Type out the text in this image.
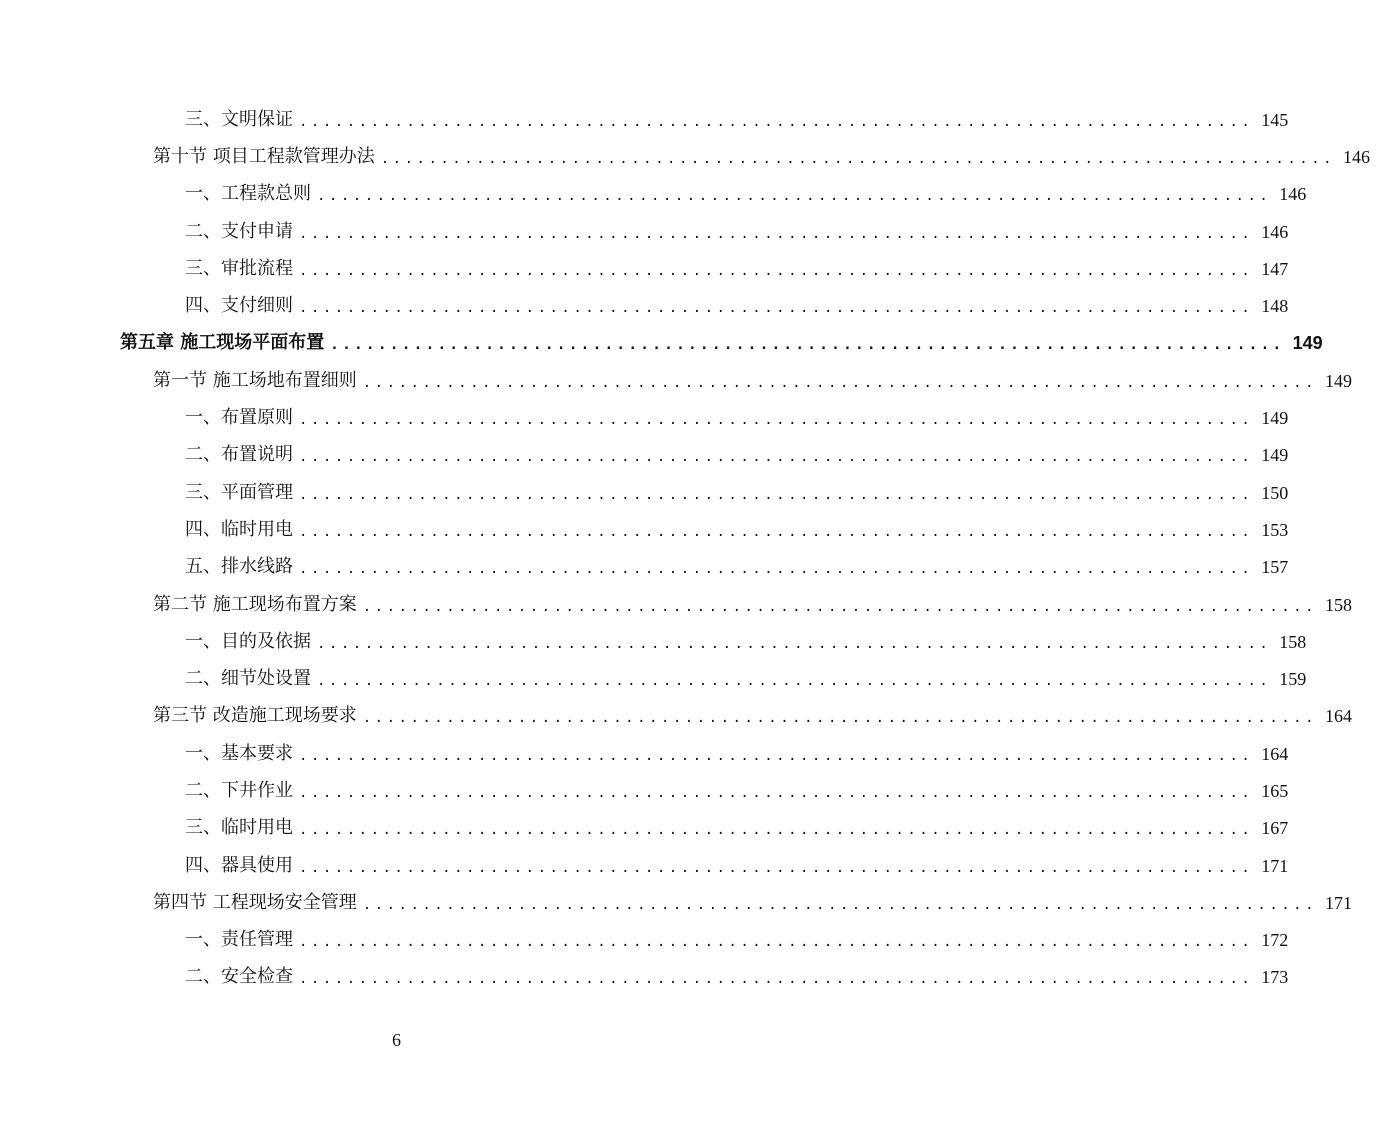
三、文明保证 ................................................................................ 145
第十节 项目工程款管理办法 ................................................................................ 146
一、工程款总则 ................................................................................ 146
二、支付申请 ................................................................................ 146
三、审批流程 ................................................................................ 147
四、支付细则 ................................................................................ 148
第五章 施工现场平面布置 ................................................................................ 149
第一节 施工场地布置细则 ................................................................................ 149
一、布置原则 ................................................................................ 149
二、布置说明 ................................................................................ 149
三、平面管理 ................................................................................ 150
四、临时用电 ................................................................................ 153
五、排水线路 ................................................................................ 157
第二节 施工现场布置方案 ................................................................................ 158
一、目的及依据 ................................................................................ 158
二、细节处设置 ................................................................................ 159
第三节 改造施工现场要求 ................................................................................ 164
一、基本要求 ................................................................................ 164
二、下井作业 ................................................................................ 165
三、临时用电 ................................................................................ 167
四、器具使用 ................................................................................ 171
第四节 工程现场安全管理 ................................................................................ 171
一、责任管理 ................................................................................ 172
二、安全检查 ................................................................................ 173
6
